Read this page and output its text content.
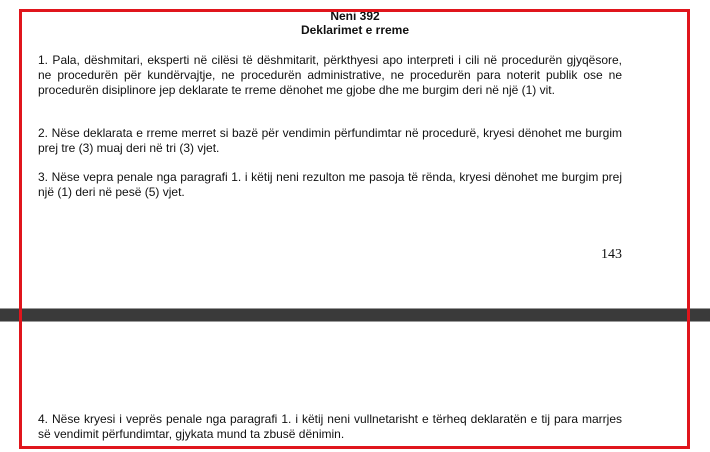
Neni 392
Deklarimet e rreme

1. Pala, dëshmitari, eksperti në cilësi të dëshmitarit, përkthyesi apo interpreti i cili në procedurën gjyqësore, ne procedurën për kundërvajtje, ne procedurën administrative, ne procedurën para noterit publik ose ne procedurën disiplinore jep deklarate te rreme dënohet me gjobe dhe me burgim deri në një (1) vit.

2. Nëse deklarata e rreme merret si bazë për vendimin përfundimtar në procedurë, kryesi dënohet me burgim prej tre (3) muaj deri në tri (3) vjet.

3. Nëse vepra penale nga paragrafi 1. i këtij neni rezulton me pasoja të rënda, kryesi dënohet me burgim prej një (1) deri në pesë (5) vjet.

143

4. Nëse kryesi i veprës penale nga paragrafi 1. i këtij neni vullnetarisht e tërheq deklaratën e tij para marrjes së vendimit përfundimtar, gjykata mund ta zbusë dënimin.
